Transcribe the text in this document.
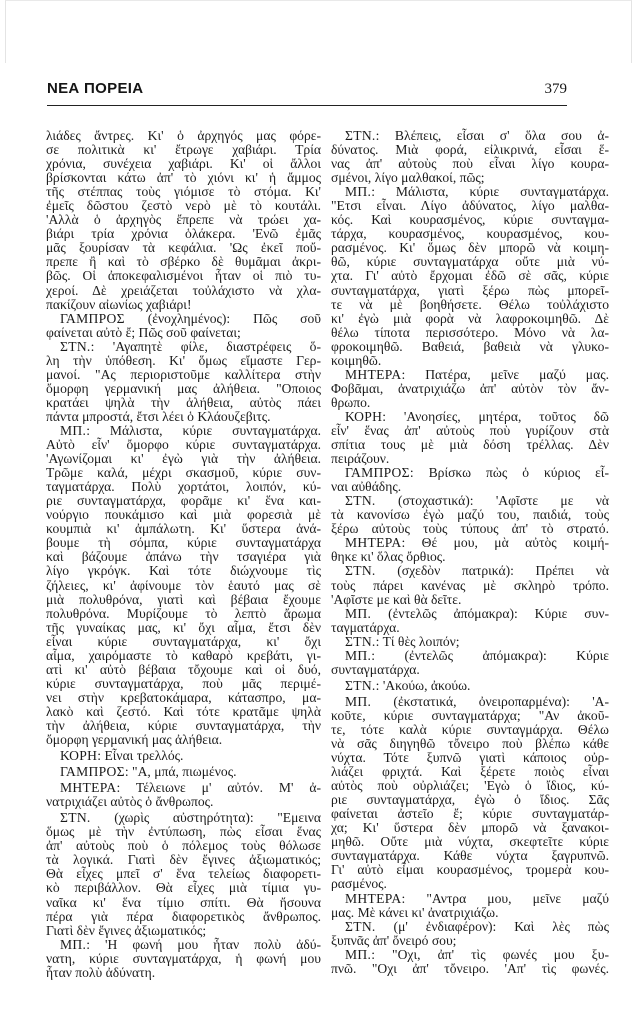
ΝΕΑ ΠΟΡΕΙΑ	379
λιάδες ἄντρες. Κι' ὁ ἀρχηγός μας φόρε-
σε πολιτικὰ κι' ἔτρωγε χαβιάρι. Τρία
χρόνια, συνέχεια χαβιάρι. Κι' οἱ ἄλλοι
βρίσκονται κάτω ἀπ' τὸ χιόνι κι' ἡ ἄμμος
τῆς στέππας τοὺς γιόμισε τὸ στόμα. Κι'
ἐμεῖς δῶστου ζεστὸ νερὸ μὲ τὸ κουτάλι.
'Αλλὰ ὁ ἀρχηγὸς ἔπρεπε νὰ τρώει χα-
βιάρι τρία χρόνια ὁλάκερα. 'Ενῶ ἐμᾶς
μᾶς ξουρίσαν τὰ κεφάλια. 'Ως ἐκεῖ ποὔ-
πρεπε ἢ καὶ τὸ σβέρκο δὲ θυμᾶμαι ἀκρι-
βῶς. Οἱ ἀποκεφαλισμένοι ἦταν οἱ πιὸ τυ-
χεροί. Δὲ χρειάζεται τοὐλάχιστο νὰ χλα-
πακίζουν αἰωνίως χαβιάρι!
ΓΑΜΠΡΟΣ (ἐνοχλημένος): Πῶς σοῦ
φαίνεται αὐτὸ ἔ; Πῶς σοῦ φαίνεται;
ΣΤΝ.: 'Αγαπητὲ φίλε, διαστρέφεις ὅ-
λη τὴν ὑπόθεση. Κι' ὅμως εἴμαστε Γερ-
μανοί. "Ας περιοριστοῦμε καλλίτερα στὴν
ὄμορφη γερμανική μας ἀλήθεια. "Οποιος
κρατάει ψηλὰ τὴν ἀλήθεια, αὐτὸς πάει
πάντα μπροστά, ἔτσι λέει ὁ Κλάουζεβιτς.
ΜΠ.: Μάλιστα, κύριε συνταγματάρχα.
Αὐτὸ εἶν' ὄμορφο κύριε συνταγματάρχα.
'Αγωνίζομαι κι' ἐγὼ γιὰ τὴν ἀλήθεια.
Τρῶμε καλά, μέχρι σκασμοῦ, κύριε συν-
ταγματάρχα. Πολὺ χορτάτοι, λοιπόν, κύ-
ριε συνταγματάρχα, φορᾶμε κι' ἕνα και-
νούργιο πουκάμισο καὶ μιὰ φορεσιὰ μὲ
κουμπιὰ κι' ἀμπάλωτη. Κι' ὕστερα ἀνά-
βουμε τὴ σόμπα, κύριε συνταγματάρχα
καὶ βάζουμε ἀπάνω τὴν τσαγιέρα γιὰ
λίγο γκρόγκ. Καὶ τότε διώχνουμε τὶς
ζήλειες, κι' ἀφίνουμε τὸν ἑαυτό μας σὲ
μιὰ πολυθρόνα, γιατὶ καὶ βέβαια ἔχουμε
πολυθρόνα. Μυρίζουμε τὸ λεπτὸ ἄρωμα
τῆς γυναίκας μας, κι' ὄχι αἷμα, ἔτσι δὲν
εἶναι κύριε συνταγματάρχα, κι' ὄχι
αἷμα, χαιρόμαστε τὸ καθαρὸ κρεβάτι, γι-
ατὶ κι' αὐτὸ βέβαια τὄχουμε καὶ οἱ δυό,
κύριε συνταγματάρχα, ποὺ μᾶς περιμέ-
νει στὴν κρεβατοκάμαρα, κάτασπρο, μα-
λακὸ καὶ ζεστό. Καὶ τότε κρατᾶμε ψηλὰ
τὴν ἀλήθεια, κύριε συνταγματάρχα, τὴν
ὄμορφη γερμανική μας ἀλήθεια.
ΚΟΡΗ: Εἶναι τρελλός.
ΓΑΜΠΡΟΣ: "Α, μπά, πιωμένος.
ΜΗΤΕΡΑ: Τέλειωνε μ' αὐτόν. Μ' ἀ-
νατριχιάζει αὐτὸς ὁ ἄνθρωπος.
ΣΤΝ. (χωρὶς αὐστηρότητα): "Εμεινα
ὅμως μὲ τὴν ἐντύπωση, πὼς εἶσαι ἕνας
ἀπ' αὐτοὺς ποὺ ὁ πόλεμος τοὺς θόλωσε
τὰ λογικά. Γιατὶ δὲν ἔγινες ἀξιωματικός;
Θὰ εἶχες μπεῖ σ' ἕνα τελείως διαφορετι-
κὸ περιβάλλον. Θὰ εἶχες μιὰ τίμια γυ-
ναῖκα κι' ἕνα τίμιο σπίτι. Θὰ ἤσουνα
πέρα γιὰ πέρα διαφορετικὸς ἄνθρωπος.
Γιατὶ δὲν ἔγινες ἀξιωματικός;
ΜΠ.: 'Η φωνή μου ἦταν πολὺ ἀδύ-
νατη, κύριε συνταγματάρχα, ἡ φωνή μου
ἦταν πολὺ ἀδύνατη.
ΣΤΝ.: Βλέπεις, εἶσαι σ' ὅλα σου ἀ-
δύνατος. Μιὰ φορά, εἰλικρινά, εἶσαι ἕ-
νας ἀπ' αὐτοὺς ποὺ εἶναι λίγο κουρα-
σμένοι, λίγο μαλθακοί, πῶς;
ΜΠ.: Μάλιστα, κύριε συνταγματάρχα.
"Ετσι εἶναι. Λίγο ἀδύνατος, λίγο μαλθα-
κός. Καὶ κουρασμένος, κύριε συνταγμα-
τάρχα, κουρασμένος, κουρασμένος, κου-
ρασμένος. Κι' ὅμως δὲν μπορῶ νὰ κοιμη-
θῶ, κύριε συνταγματάρχα οὔτε μιὰ νύ-
χτα. Γι' αὐτὸ ἔρχομαι ἐδῶ σὲ σᾶς, κύριε
συνταγματάρχα, γιατὶ ξέρω πὼς μπορεῖ-
τε νὰ μὲ βοηθήσετε. Θέλω τοὐλάχιστο
κι' ἐγὼ μιὰ φορὰ νὰ λαφροκοιμηθῶ. Δὲ
θέλω τίποτα περισσότερο. Μόνο νὰ λα-
φροκοιμηθῶ. Βαθειά, βαθειὰ νὰ γλυκο-
κοιμηθῶ.
ΜΗΤΕΡΑ: Πατέρα, μεῖνε μαζύ μας.
Φοβᾶμαι, ἀνατριχιάζω ἀπ' αὐτὸν τὸν ἄν-
θρωπο.
ΚΟΡΗ: 'Ανοησίες, μητέρα, τοῦτος δῶ
εἶν' ἕνας ἀπ' αὐτοὺς ποὺ γυρίζουν στὰ
σπίτια τους μὲ μιὰ δόση τρέλλας. Δὲν
πειράζουν.
ΓΑΜΠΡΟΣ: Βρίσκω πὼς ὁ κύριος εἶ-
ναι αὐθάδης.
ΣΤΝ. (στοχαστικά): 'Αφῖστε με νὰ
τὰ κανονίσω ἐγὼ μαζύ του, παιδιά, τοὺς
ξέρω αὐτοὺς τοὺς τύπους ἀπ' τὸ στρατό.
ΜΗΤΕΡΑ: Θέ μου, μὰ αὐτὸς κοιμή-
θηκε κι' ὅλας ὄρθιος.
ΣΤΝ. (σχεδὸν πατρικά): Πρέπει νὰ
τοὺς πάρει κανένας μὲ σκληρὸ τρόπο.
'Αφῖστε με καὶ θὰ δεῖτε.
ΜΠ. (ἐντελῶς ἀπόμακρα): Κύριε συν-
ταγματάρχα.
ΣΤΝ.: Τί θὲς λοιπόν;
ΜΠ.: (ἐντελῶς ἀπόμακρα): Κύριε
συνταγματάρχα.
ΣΤΝ.: 'Ακούω, ἀκούω.
ΜΠ. (ἐκστατικά, ὀνειροπαρμένα): 'Α-
κοῦτε, κύριε συνταγματάρχα; "Αν ἀκοῦ-
τε, τότε καλὰ κύριε συνταγμάρχα. Θέλω
νὰ σᾶς διηγηθῶ τὄνειρο ποὺ βλέπω κάθε
νύχτα. Τότε ξυπνῶ γιατὶ κάποιος οὐρ-
λιάζει φριχτά. Καὶ ξέρετε ποιὸς εἶναι
αὐτὸς ποὺ οὐρλιάζει; 'Εγὼ ὁ ἴδιος, κύ-
ριε συνταγματάρχα, ἐγὼ ὁ ἴδιος. Σᾶς
φαίνεται ἀστεῖο ἔ; κύριε συνταγματάρ-
χα; Κι' ὕστερα δὲν μπορῶ νὰ ξανακοι-
μηθῶ. Οὔτε μιὰ νύχτα, σκεφτεῖτε κύριε
συνταγματάρχα. Κάθε νύχτα ξαγρυπνῶ.
Γι' αὐτὸ εἶμαι κουρασμένος, τρομερὰ κου-
ρασμένος.
ΜΗΤΕΡΑ: "Αντρα μου, μεῖνε μαζύ
μας. Μὲ κάνει κι' ἀνατριχιάζω.
ΣΤΝ. (μ' ἐνδιαφέρον): Καὶ λὲς πὼς
ξυπνᾶς ἀπ' ὄνειρό σου;
ΜΠ.: "Οχι, ἀπ' τὶς φωνές μου ξυ-
πνῶ. "Οχι ἀπ' τὄνειρο. 'Απ' τὶς φωνές.
